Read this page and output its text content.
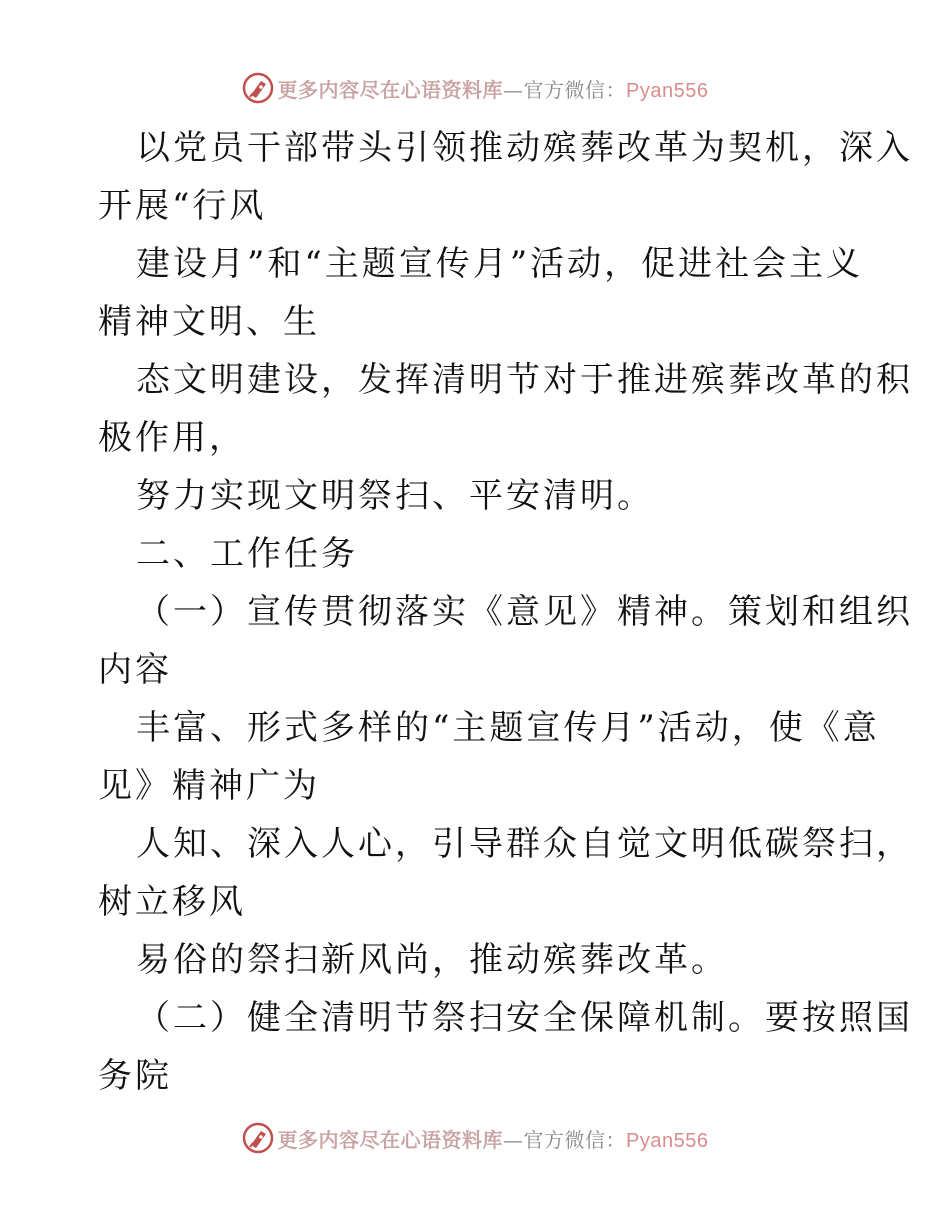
更多内容尽在心语资料库—官方微信：Pyan556
以党员干部带头引领推动殡葬改革为契机，深入
开展“行风
建设月”和“主题宣传月”活动，促进社会主义
精神文明、生
态文明建设，发挥清明节对于推进殡葬改革的积
极作用，
努力实现文明祭扫、平安清明。
二、工作任务
（一）宣传贯彻落实《意见》精神。策划和组织
内容
丰富、形式多样的“主题宣传月”活动，使《意
见》精神广为
人知、深入人心，引导群众自觉文明低碳祭扫，
树立移风
易俗的祭扫新风尚，推动殡葬改革。
（二）健全清明节祭扫安全保障机制。要按照国
务院
更多内容尽在心语资料库—官方微信：Pyan556
